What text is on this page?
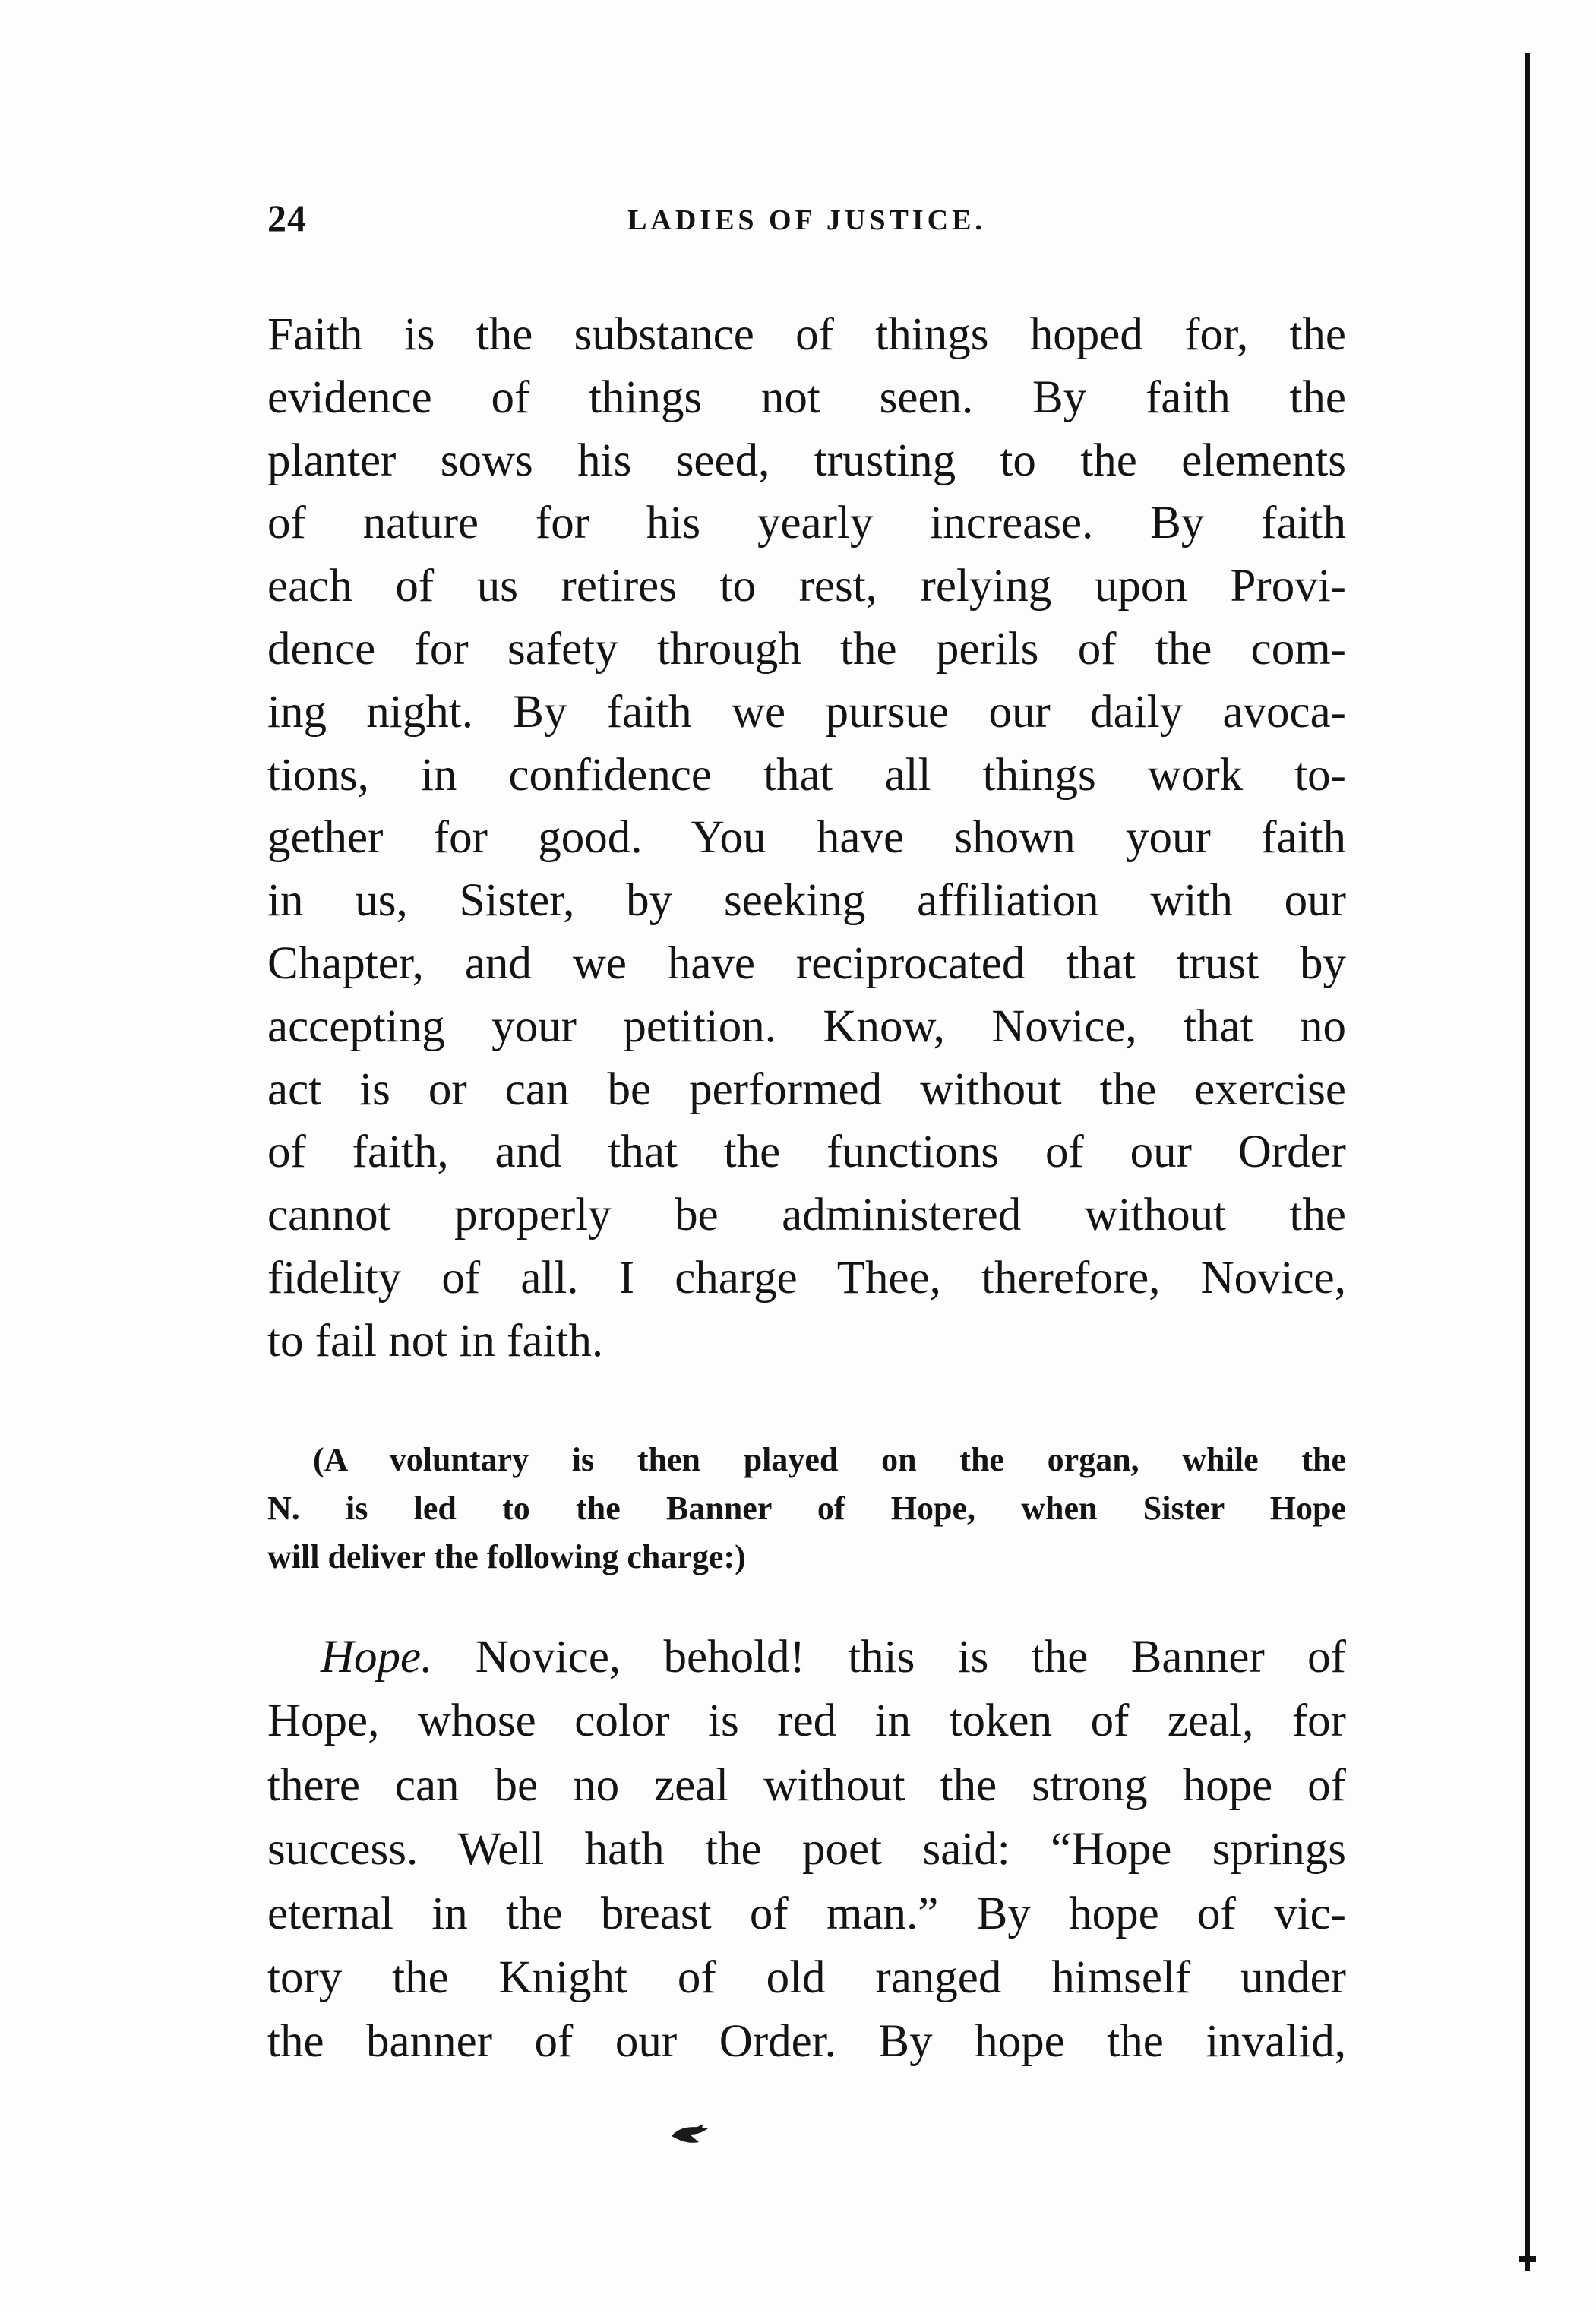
24	LADIES OF JUSTICE.
Faith is the substance of things hoped for, the
evidence of things not seen. By faith the
planter sows his seed, trusting to the elements
of nature for his yearly increase. By faith
each of us retires to rest, relying upon Provi-
dence for safety through the perils of the com-
ing night. By faith we pursue our daily avoca-
tions, in confidence that all things work to-
gether for good. You have shown your faith
in us, Sister, by seeking affiliation with our
Chapter, and we have reciprocated that trust by
accepting your petition. Know, Novice, that no
act is or can be performed without the exercise
of faith, and that the functions of our Order
cannot properly be administered without the
fidelity of all. I charge Thee, therefore, Novice,
to fail not in faith.
(A voluntary is then played on the organ, while the
N. is led to the Banner of Hope, when Sister Hope
will deliver the following charge:)
Hope. Novice, behold! this is the Banner of
Hope, whose color is red in token of zeal, for
there can be no zeal without the strong hope of
success. Well hath the poet said: “Hope springs
eternal in the breast of man.” By hope of vic-
tory the Knight of old ranged himself under
the banner of our Order. By hope the invalid,
